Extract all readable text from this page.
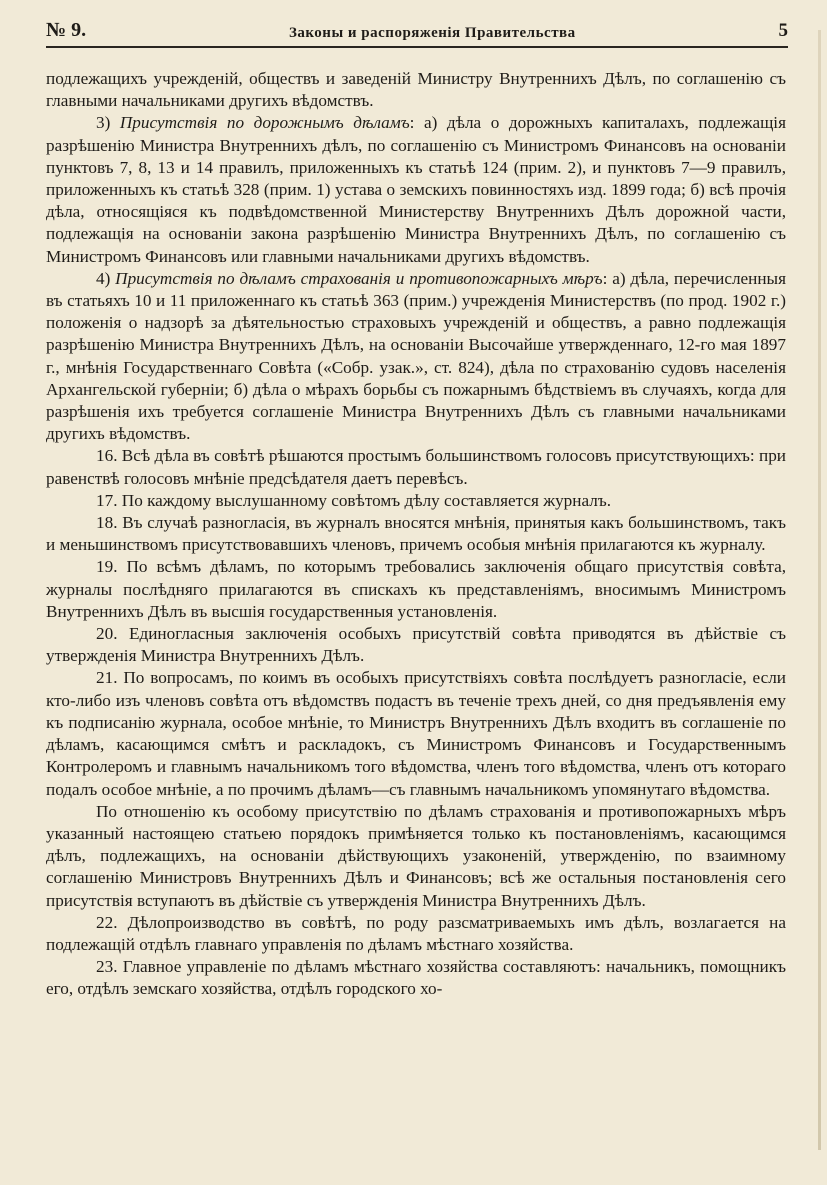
№ 9.	Законы и распоряженія Правительства	5

подлежащихъ учрежденій, обществъ и заведеній Министру Внутреннихъ Дѣлъ, по соглашенію съ главными начальниками другихъ вѣдомствъ.

3) Присутствія по дорожнымъ дѣламъ: а) дѣла о дорожныхъ капиталахъ, подлежащія разрѣшенію Министра Внутреннихъ дѣлъ, по соглашенію съ Министромъ Финансовъ на основаніи пунктовъ 7, 8, 13 и 14 правилъ, приложенныхъ къ статьѣ 124 (прим. 2), и пунктовъ 7—9 правилъ, приложенныхъ къ статьѣ 328 (прим. 1) устава о земскихъ повинностяхъ изд. 1899 года; б) всѣ прочія дѣла, относящіяся къ подвѣдомственной Министерству Внутреннихъ Дѣлъ дорожной части, подлежащія на основаніи закона разрѣшенію Министра Внутреннихъ Дѣлъ, по соглашенію съ Министромъ Финансовъ или главными начальниками другихъ вѣдомствъ.

4) Присутствія по дѣламъ страхованія и противопожарныхъ мѣръ: а) дѣла, перечисленныя въ статьяхъ 10 и 11 приложеннаго къ статьѣ 363 (прим.) учрежденія Министерствъ (по прод. 1902 г.) положенія о надзорѣ за дѣятельностью страховыхъ учрежденій и обществъ, а равно подлежащія разрѣшенію Министра Внутреннихъ Дѣлъ, на основаніи Высочайше утвержденнаго, 12-го мая 1897 г., мнѣнія Государственнаго Совѣта («Собр. узак.», ст. 824), дѣла по страхованію судовъ населенія Архангельской губерніи; б) дѣла о мѣрахъ борьбы съ пожарнымъ бѣдствіемъ въ случаяхъ, когда для разрѣшенія ихъ требуется соглашеніе Министра Внутреннихъ Дѣлъ съ главными начальниками другихъ вѣдомствъ.

16. Всѣ дѣла въ совѣтѣ рѣшаются простымъ большинствомъ голосовъ присутствующихъ: при равенствѣ голосовъ мнѣніе предсѣдателя даетъ перевѣсъ.

17. По каждому выслушанному совѣтомъ дѣлу составляется журналъ.

18. Въ случаѣ разногласія, въ журналъ вносятся мнѣнія, принятыя какъ большинствомъ, такъ и меньшинствомъ присутствовавшихъ членовъ, причемъ особыя мнѣнія прилагаются къ журналу.

19. По всѣмъ дѣламъ, по которымъ требовались заключенія общаго присутствія совѣта, журналы послѣдняго прилагаются въ спискахъ къ представленіямъ, вносимымъ Министромъ Внутреннихъ Дѣлъ въ высшія государственныя установленія.

20. Единогласныя заключенія особыхъ присутствій совѣта приводятся въ дѣйствіе съ утвержденія Министра Внутреннихъ Дѣлъ.

21. По вопросамъ, по коимъ въ особыхъ присутствіяхъ совѣта послѣдуетъ разногласіе, если кто-либо изъ членовъ совѣта отъ вѣдомствъ подастъ въ теченіе трехъ дней, со дня предъявленія ему къ подписанію журнала, особое мнѣніе, то Министръ Внутреннихъ Дѣлъ входитъ въ соглашеніе по дѣламъ, касающимся смѣтъ и раскладокъ, съ Министромъ Финансовъ и Государственнымъ Контролеромъ и главнымъ начальникомъ того вѣдомства, членъ того вѣдомства, членъ отъ котораго подалъ особое мнѣніе, а по прочимъ дѣламъ—съ главнымъ начальникомъ упомянутаго вѣдомства.

По отношенію къ особому присутствію по дѣламъ страхованія и противопожарныхъ мѣръ указанный настоящею статьею порядокъ примѣняется только къ постановленіямъ, касающимся дѣлъ, подлежащихъ, на основаніи дѣйствующихъ узаконеній, утвержденію, по взаимному соглашенію Министровъ Внутреннихъ Дѣлъ и Финансовъ; всѣ же остальныя постановленія сего присутствія вступаютъ въ дѣйствіе съ утвержденія Министра Внутреннихъ Дѣлъ.

22. Дѣлопроизводство въ совѣтѣ, по роду разсматриваемыхъ имъ дѣлъ, возлагается на подлежащій отдѣлъ главнаго управленія по дѣламъ мѣстнаго хозяйства.

23. Главное управленіе по дѣламъ мѣстнаго хозяйства составляютъ: начальникъ, помощникъ его, отдѣлъ земскаго хозяйства, отдѣлъ городского хо-
